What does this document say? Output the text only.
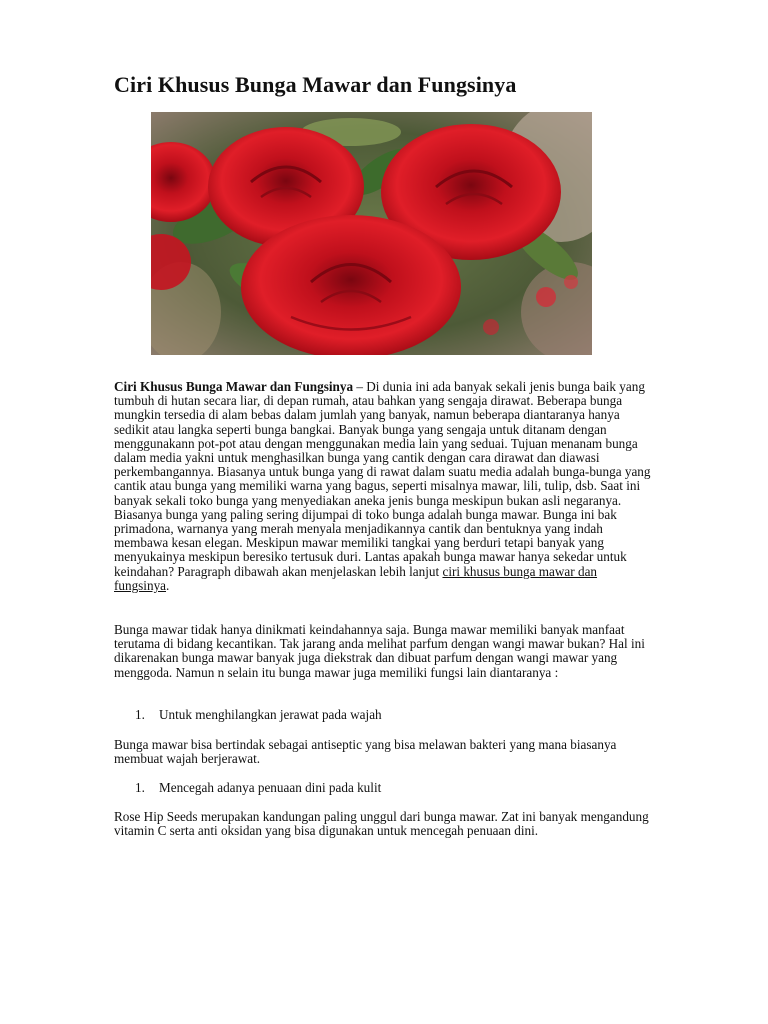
Ciri Khusus Bunga Mawar dan Fungsinya

Ciri Khusus Bunga Mawar dan Fungsinya – Di dunia ini ada banyak sekali jenis bunga baik yang tumbuh di hutan secara liar, di depan rumah, atau bahkan yang sengaja dirawat. Beberapa bunga mungkin tersedia di alam bebas dalam jumlah yang banyak, namun beberapa diantaranya hanya sedikit atau langka seperti bunga bangkai. Banyak bunga yang sengaja untuk ditanam dengan menggunakann pot-pot atau dengan menggunakan media lain yang seduai. Tujuan menanam bunga dalam media yakni untuk menghasilkan bunga yang cantik dengan cara dirawat dan diawasi perkembangannya. Biasanya untuk bunga yang di rawat dalam suatu media adalah bunga-bunga yang cantik atau bunga yang memiliki warna yang bagus, seperti misalnya mawar, lili, tulip, dsb. Saat ini banyak sekali toko bunga yang menyediakan aneka jenis bunga meskipun bukan asli negaranya. Biasanya bunga yang paling sering dijumpai di toko bunga adalah bunga mawar. Bunga ini bak primadona, warnanya yang merah menyala menjadikannya cantik dan bentuknya yang indah membawa kesan elegan. Meskipun mawar memiliki tangkai yang berduri tetapi banyak yang menyukainya meskipun beresiko tertusuk duri. Lantas apakah bunga mawar hanya sekedar untuk keindahan? Paragraph dibawah akan menjelaskan lebih lanjut ciri khusus bunga mawar dan fungsinya.

Bunga mawar tidak hanya dinikmati keindahannya saja. Bunga mawar memiliki banyak manfaat terutama di bidang kecantikan. Tak jarang anda melihat parfum dengan wangi mawar bukan? Hal ini dikarenakan bunga mawar banyak juga diekstrak dan dibuat parfum dengan wangi mawar yang menggoda. Namun n selain itu bunga mawar juga memiliki fungsi lain diantaranya :

1. Untuk menghilangkan jerawat pada wajah

Bunga mawar bisa bertindak sebagai antiseptic yang bisa melawan bakteri yang mana biasanya membuat wajah berjerawat.

1. Mencegah adanya penuaan dini pada kulit

Rose Hip Seeds merupakan kandungan paling unggul dari bunga mawar. Zat ini banyak mengandung vitamin C serta anti oksidan yang bisa digunakan untuk mencegah penuaan dini.
